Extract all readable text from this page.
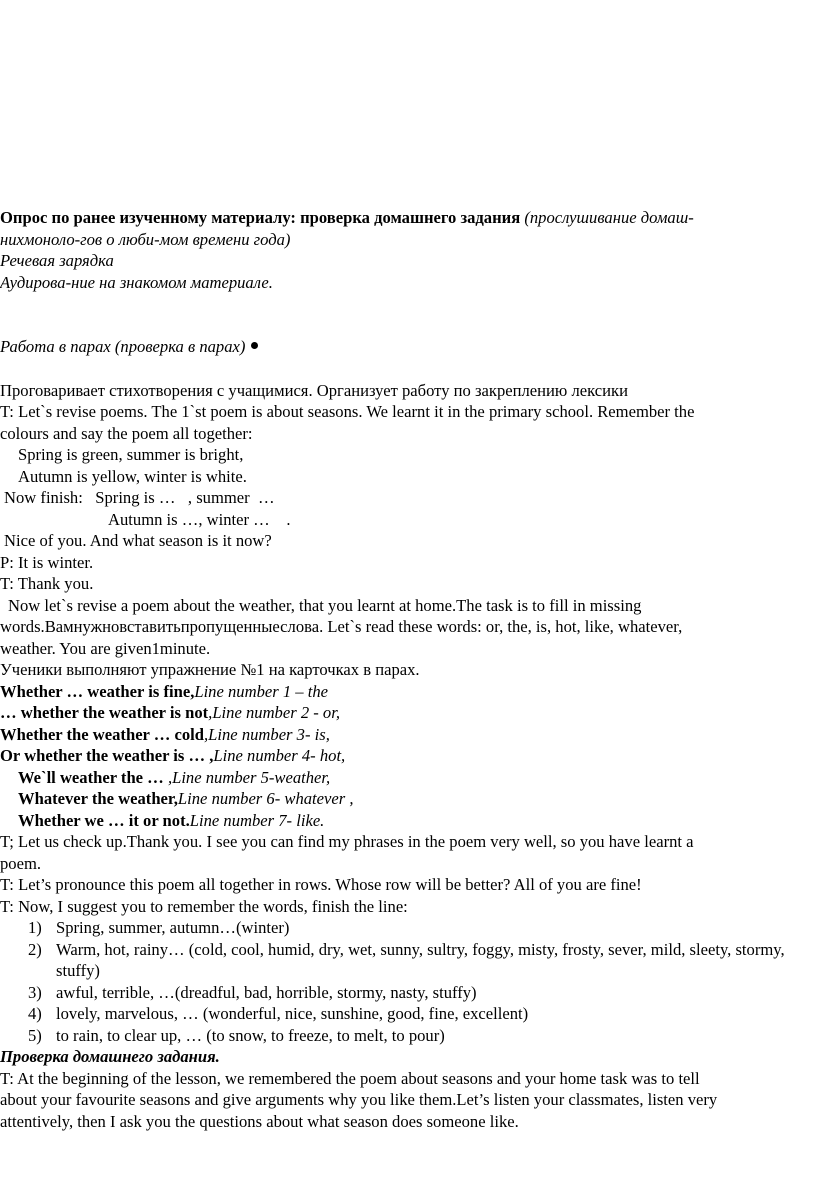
Опрос по ранее изученному материалу: проверка домашнего задания (прослушивание домаш-

нихмоноло-гов о люби-мом времени года)

Речевая зарядка

Аудирова-ние на знакомом материале.

Работа в парах (проверка в парах)

Проговаривает стихотворения с учащимися. Организует работу по закреплению лексики

T: Let`s revise poems. The 1`st poem is about seasons. We learnt it in the primary school. Remember the

colours and say the poem all together:

Spring is green, summer is bright,

Autumn is yellow, winter is white.

Now finish:   Spring is …   , summer  …

Autumn is …, winter …    .

Nice of you. And what season is it now?

P: It is winter.

T: Thank you.

Now let`s revise a poem about the weather, that you learnt at home.The task is to fill in missing

words.Вамнужновставитьпропущенныеслова. Let`s read these words: or, the, is, hot, like, whatever,

weather. You are given1minute.

Ученики выполняют упражнение №1 на карточках в парах.

Whether … weather is fine,Line number 1 – the

… whether the weather is not,Line number 2 - or,

Whether the weather … cold,Line number 3- is,

Or whether the weather is … ,Line number 4- hot,

We`ll weather the … ,Line number 5-weather,

Whatever the weather,Line number 6- whatever ,

Whether we … it or not.Line number 7- like.

T; Let us check up.Thank you. I see you can find my phrases in the poem very well, so you have learnt a

poem.

T: Let’s pronounce this poem all together in rows. Whose row will be better? All of you are fine!

T: Now, I suggest you to remember the words, finish the line:

1) Spring, summer, autumn…(winter)
2) Warm, hot, rainy… (cold, cool, humid, dry, wet, sunny, sultry, foggy, misty, frosty, sever, mild, sleety, stormy, stuffy)
3) awful, terrible, …(dreadful, bad, horrible, stormy, nasty, stuffy)
4) lovely, marvelous, … (wonderful, nice, sunshine, good, fine, excellent)
5) to rain, to clear up, … (to snow, to freeze, to melt, to pour)

Проверка домашнего задания.

T: At the beginning of the lesson, we remembered the poem about seasons and your home task was to tell

about your favourite seasons and give arguments why you like them.Let’s listen your classmates, listen very

attentively, then I ask you the questions about what season does someone like.
